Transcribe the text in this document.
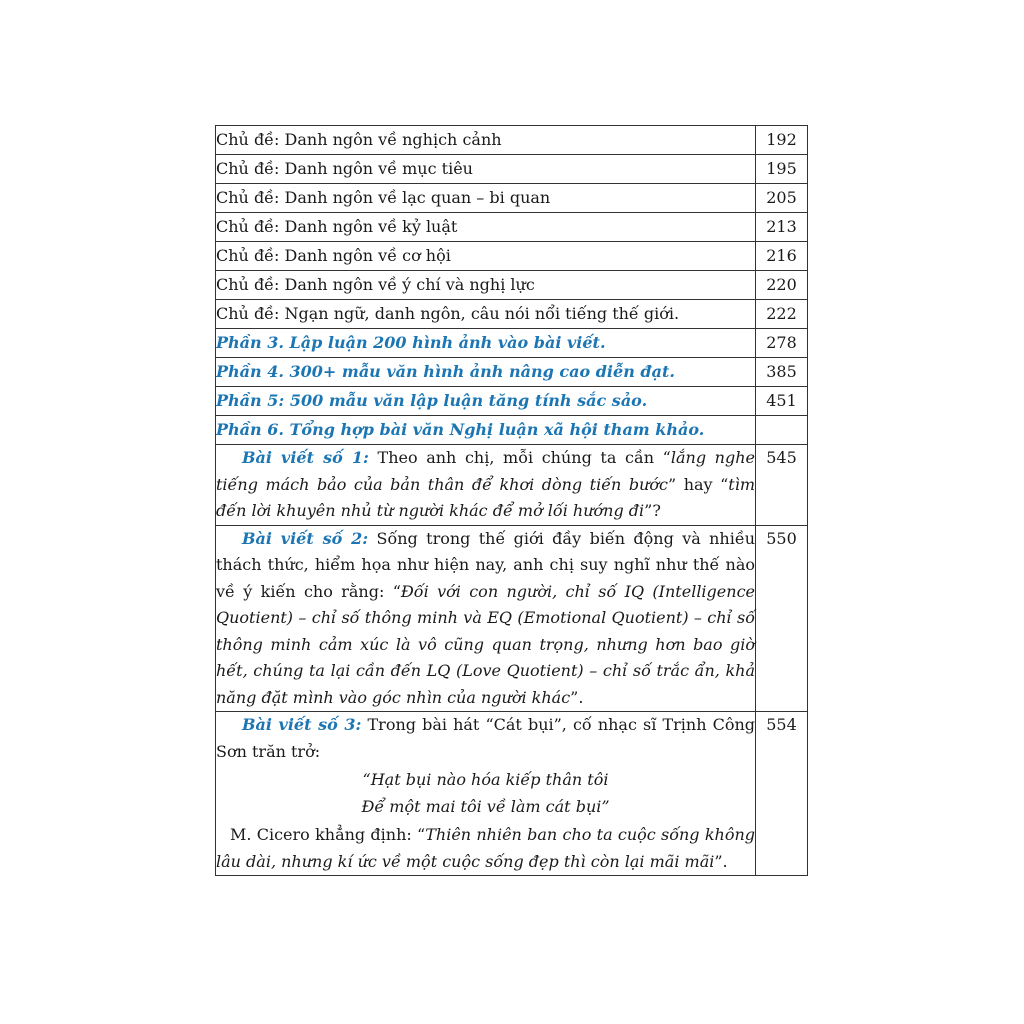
Chủ đề: Danh ngôn về nghịch cảnh	192
Chủ đề: Danh ngôn về mục tiêu	195
Chủ đề: Danh ngôn về lạc quan – bi quan	205
Chủ đề: Danh ngôn về kỷ luật	213
Chủ đề: Danh ngôn về cơ hội	216
Chủ đề: Danh ngôn về ý chí và nghị lực	220
Chủ đề: Ngạn ngữ, danh ngôn, câu nói nổi tiếng thế giới.	222
Phần 3. Lập luận 200 hình ảnh vào bài viết.	278
Phần 4. 300+ mẫu văn hình ảnh nâng cao diễn đạt.	385
Phần 5: 500 mẫu văn lập luận tăng tính sắc sảo.	451
Phần 6. Tổng hợp bài văn Nghị luận xã hội tham khảo.	
Bài viết số 1: Theo anh chị, mỗi chúng ta cần “lắng nghe tiếng mách bảo của bản thân để khơi dòng tiến bước” hay “tìm đến lời khuyên nhủ từ người khác để mở lối hướng đi”?	545
Bài viết số 2: Sống trong thế giới đầy biến động và nhiều thách thức, hiểm họa như hiện nay, anh chị suy nghĩ như thế nào về ý kiến cho rằng: “Đối với con người, chỉ số IQ (Intelligence Quotient) – chỉ số thông minh và EQ (Emotional Quotient) – chỉ số thông minh cảm xúc là vô cũng quan trọng, nhưng hơn bao giờ hết, chúng ta lại cần đến LQ (Love Quotient) – chỉ số trắc ẩn, khả năng đặt mình vào góc nhìn của người khác”.	550

Bài viết số 3: Trong bài hát “Cát bụi”, cố nhạc sĩ Trịnh Công Sơn trăn trở:
“Hạt bụi nào hóa kiếp thân tôi
Để một mai tôi về làm cát bụi”
M. Cicero khẳng định: “Thiên nhiên ban cho ta cuộc sống không lâu dài, nhưng kí ức về một cuộc sống đẹp thì còn lại mãi mãi”.	554
